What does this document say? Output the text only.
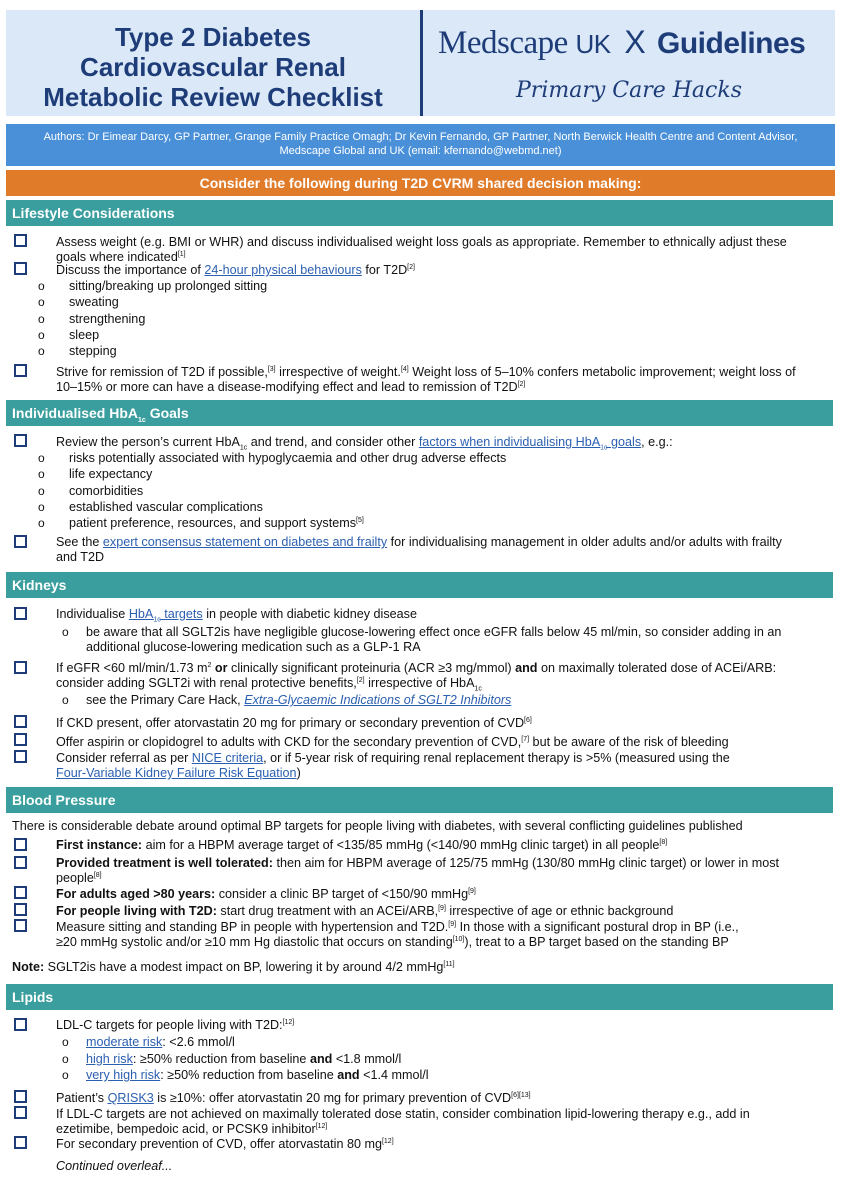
Type 2 Diabetes
Cardiovascular Renal
Metabolic Review Checklist
Medscape UK X Guidelines
Primary Care Hacks
Authors: Dr Eimear Darcy, GP Partner, Grange Family Practice Omagh; Dr Kevin Fernando, GP Partner, North Berwick Health Centre and Content Advisor,
Medscape Global and UK (email: kfernando@webmd.net)
Consider the following during T2D CVRM shared decision making:
Lifestyle Considerations
Assess weight (e.g. BMI or WHR) and discuss individualised weight loss goals as appropriate. Remember to ethnically adjust these
goals where indicated[1]
Discuss the importance of 24-hour physical behaviours for T2D[2]
o sitting/breaking up prolonged sitting
o sweating
o strengthening
o sleep
o stepping
Strive for remission of T2D if possible,[3] irrespective of weight.[4] Weight loss of 5–10% confers metabolic improvement; weight loss of
10–15% or more can have a disease-modifying effect and lead to remission of T2D[2]
Individualised HbA$_{1c}$ Goals
Review the person’s current HbA$_{1c}$ and trend, and consider other factors when individualising HbA$_{1c}$ goals, e.g.:
o risks potentially associated with hypoglycaemia and other drug adverse effects
o life expectancy
o comorbidities
o established vascular complications
o patient preference, resources, and support systems[5]
See the expert consensus statement on diabetes and frailty for individualising management in older adults and/or adults with frailty
and T2D
Kidneys
Individualise HbA$_{1c}$ targets in people with diabetic kidney disease
o be aware that all SGLT2is have negligible glucose-lowering effect once eGFR falls below 45 ml/min, so consider adding in an
additional glucose-lowering medication such as a GLP-1 RA
If eGFR <60 ml/min/1.73 $m^2$ or clinically significant proteinuria (ACR ≥3 mg/mmol) and on maximally tolerated dose of ACEi/ARB:
consider adding SGLT2i with renal protective benefits,[2] irrespective of HbA$_{1c}$
o see the Primary Care Hack, Extra-Glycaemic Indications of SGLT2 Inhibitors
If CKD present, offer atorvastatin 20 mg for primary or secondary prevention of CVD[6]
Offer aspirin or clopidogrel to adults with CKD for the secondary prevention of CVD,[7] but be aware of the risk of bleeding
Consider referral as per NICE criteria, or if 5-year risk of requiring renal replacement therapy is >5% (measured using the
Four-Variable Kidney Failure Risk Equation)
Blood Pressure
There is considerable debate around optimal BP targets for people living with diabetes, with several conflicting guidelines published
First instance: aim for a HBPM average target of <135/85 mmHg (<140/90 mmHg clinic target) in all people[8]
Provided treatment is well tolerated: then aim for HBPM average of 125/75 mmHg (130/80 mmHg clinic target) or lower in most
people[8]
For adults aged >80 years: consider a clinic BP target of <150/90 mmHg[9]
For people living with T2D: start drug treatment with an ACEi/ARB,[9] irrespective of age or ethnic background
Measure sitting and standing BP in people with hypertension and T2D.[9] In those with a significant postural drop in BP (i.e.,
≥20 mmHg systolic and/or ≥10 mm Hg diastolic that occurs on standing[10]), treat to a BP target based on the standing BP
Note: SGLT2is have a modest impact on BP, lowering it by around 4/2 mmHg[11]
Lipids
LDL-C targets for people living with T2D:[12]
o moderate risk: <2.6 mmol/l
o high risk: ≥50% reduction from baseline and <1.8 mmol/l
o very high risk: ≥50% reduction from baseline and <1.4 mmol/l
Patient’s QRISK3 is ≥10%: offer atorvastatin 20 mg for primary prevention of CVD[6][13]
If LDL-C targets are not achieved on maximally tolerated dose statin, consider combination lipid-lowering therapy e.g., add in
ezetimibe, bempedoic acid, or PCSK9 inhibitor[12]
For secondary prevention of CVD, offer atorvastatin 80 mg[12]
Continued overleaf...
